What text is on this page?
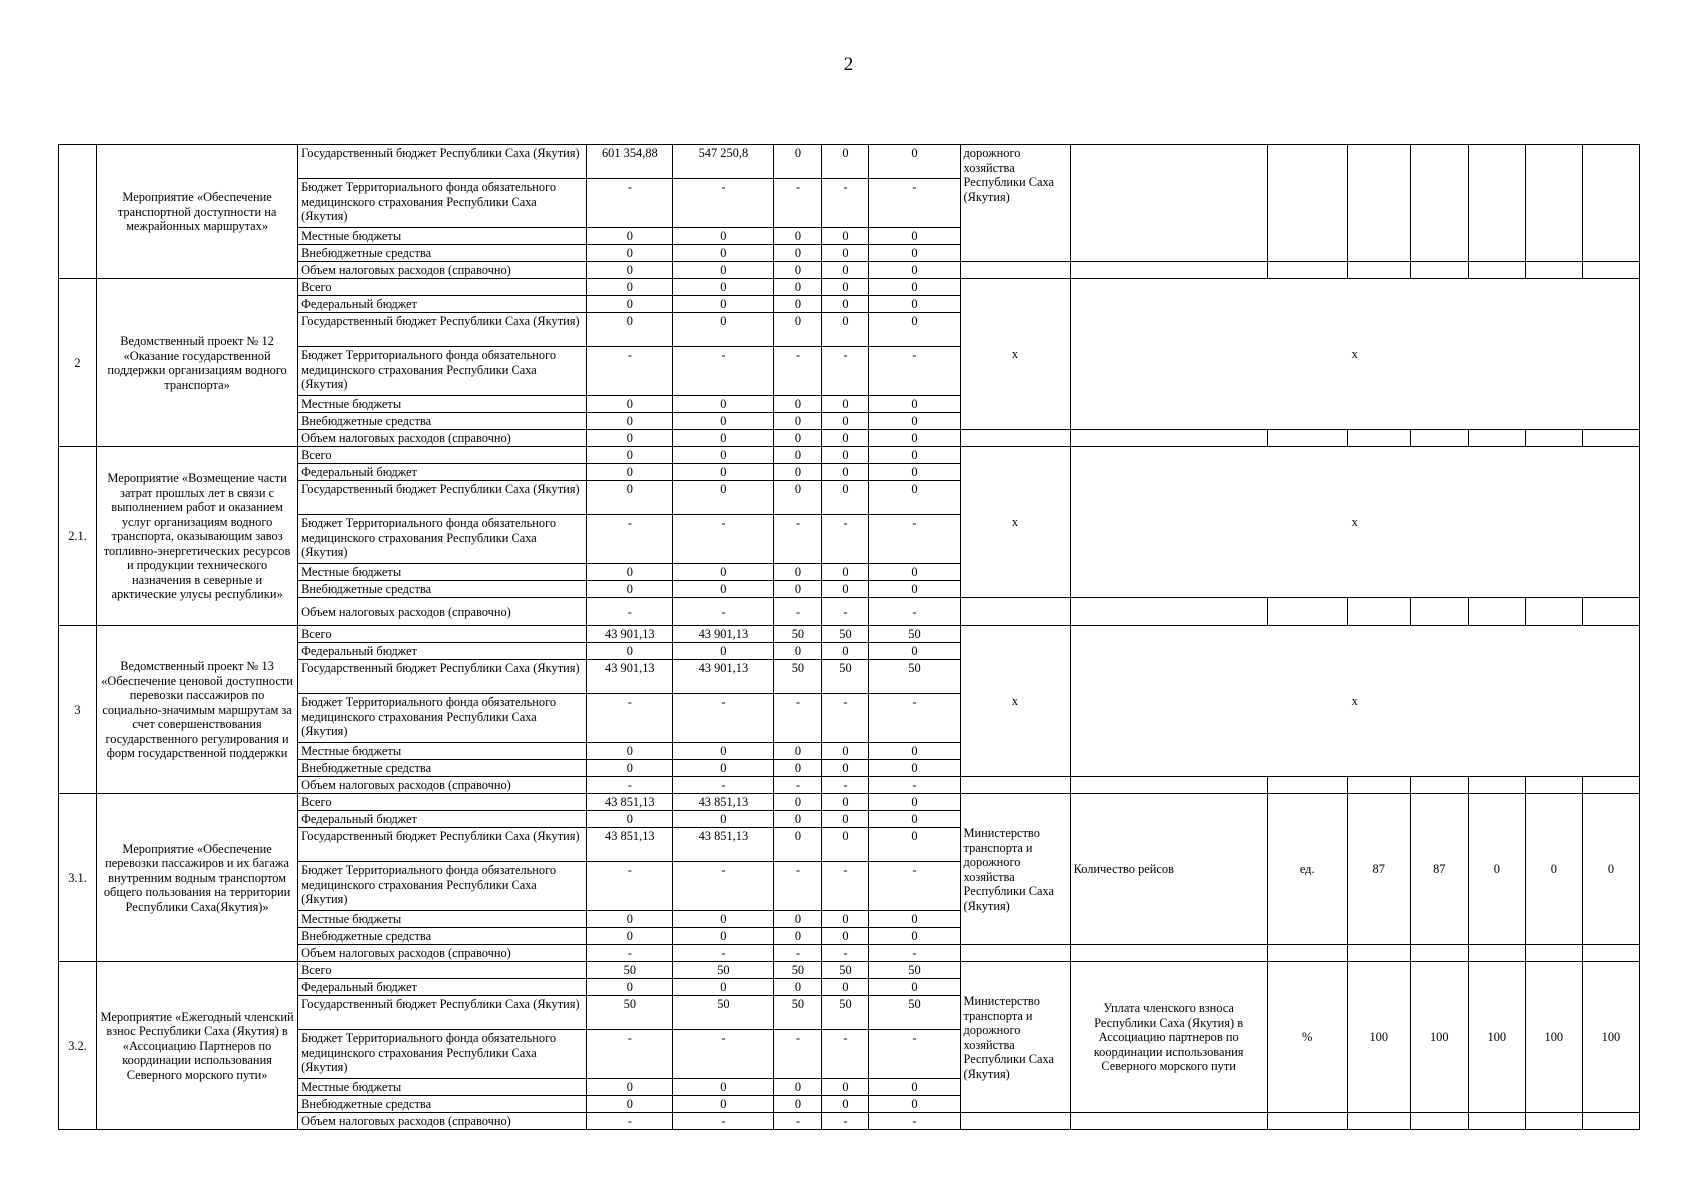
2
	Мероприятие «Обеспечение транспортной доступности на межрайонных маршрутах»	Государственный бюджет Республики Саха (Якутия)	601 354,88	547 250,8	0	0	0	дорожного хозяйства Республики Саха (Якутия)							
		Бюджет Территориального фонда обязательного медицинского страхования Республики Саха (Якутия)	-	-	-	-	-								
		Местные бюджеты	0	0	0	0	0								
		Внебюджетные средства	0	0	0	0	0								
		Объем налоговых расходов (справочно)	0	0	0	0	0								
2	Ведомственный проект № 12 «Оказание государственной поддержки организациям водного транспорта»	Всего	0	0	0	0	0	x	x						
		Федеральный бюджет	0	0	0	0	0								
		Государственный бюджет Республики Саха (Якутия)	0	0	0	0	0								
		Бюджет Территориального фонда обязательного медицинского страхования Республики Саха (Якутия)	-	-	-	-	-								
		Местные бюджеты	0	0	0	0	0								
		Внебюджетные средства	0	0	0	0	0								
		Объем налоговых расходов (справочно)	0	0	0	0	0								
2.1.	Мероприятие «Возмещение части затрат прошлых лет в связи с выполнением работ и оказанием услуг организациям водного транспорта, оказывающим завоз топливно-энергетических ресурсов и продукции технического назначения в северные и арктические улусы республики»	Всего	0	0	0	0	0	x	x						
		Федеральный бюджет	0	0	0	0	0								
		Государственный бюджет Республики Саха (Якутия)	0	0	0	0	0								
		Бюджет Территориального фонда обязательного медицинского страхования Республики Саха (Якутия)	-	-	-	-	-								
		Местные бюджеты	0	0	0	0	0								
		Внебюджетные средства	0	0	0	0	0								
		Объем налоговых расходов (справочно)	-	-	-	-	-								
3	Ведомственный проект № 13 «Обеспечение ценовой доступности перевозки пассажиров по социально-значимым маршрутам за счет совершенствования государственного регулирования и форм государственной поддержки	Всего	43 901,13	43 901,13	50	50	50	x	x						
		Федеральный бюджет	0	0	0	0	0								
		Государственный бюджет Республики Саха (Якутия)	43 901,13	43 901,13	50	50	50								
		Бюджет Территориального фонда обязательного медицинского страхования Республики Саха (Якутия)	-	-	-	-	-								
		Местные бюджеты	0	0	0	0	0								
		Внебюджетные средства	0	0	0	0	0								
		Объем налоговых расходов (справочно)	-	-	-	-	-								
3.1.	Мероприятие «Обеспечение перевозки пассажиров и их багажа внутренним водным транспортом общего пользования на территории Республики Саха(Якутия)»	Всего	43 851,13	43 851,13	0	0	0	Министерство транспорта и дорожного хозяйства Республики Саха (Якутия)	Количество рейсов	ед.	87	87	0	0	0
		Федеральный бюджет	0	0	0	0	0								
		Государственный бюджет Республики Саха (Якутия)	43 851,13	43 851,13	0	0	0								
		Бюджет Территориального фонда обязательного медицинского страхования Республики Саха (Якутия)	-	-	-	-	-								
		Местные бюджеты	0	0	0	0	0								
		Внебюджетные средства	0	0	0	0	0								
		Объем налоговых расходов (справочно)	-	-	-	-	-								
3.2.	Мероприятие «Ежегодный членский взнос Республики Саха (Якутия) в «Ассоциацию Партнеров по координации использования Северного морского пути»	Всего	50	50	50	50	50	Министерство транспорта и дорожного хозяйства Республики Саха (Якутия)	Уплата членского взноса Республики Саха (Якутия) в Ассоциацию партнеров по координации использования Северного морского пути	%	100	100	100	100	100
		Федеральный бюджет	0	0	0	0	0								
		Государственный бюджет Республики Саха (Якутия)	50	50	50	50	50								
		Бюджет Территориального фонда обязательного медицинского страхования Республики Саха (Якутия)	-	-	-	-	-								
		Местные бюджеты	0	0	0	0	0								
		Внебюджетные средства	0	0	0	0	0								
		Объем налоговых расходов (справочно)	-	-	-	-	-								
